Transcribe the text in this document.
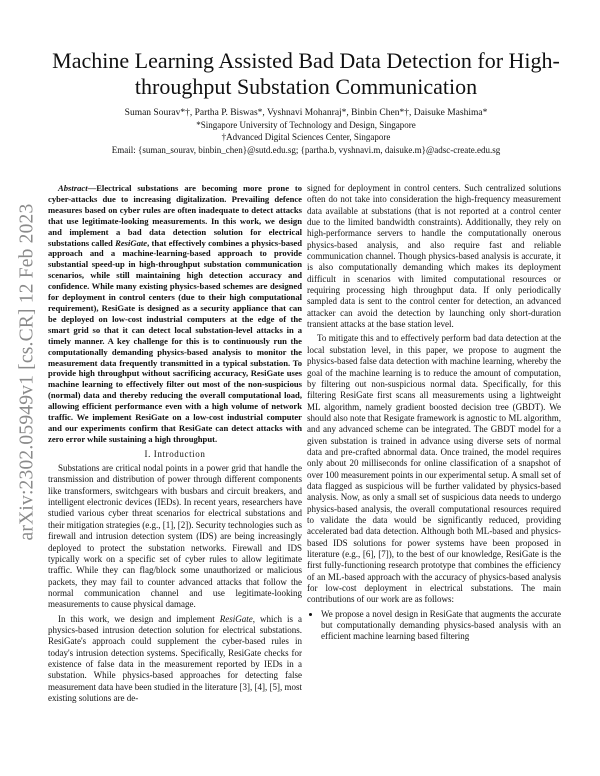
arXiv:2302.05949v1 [cs.CR] 12 Feb 2023
Machine Learning Assisted Bad Data Detection for High-throughput Substation Communication
Suman Sourav*†, Partha P. Biswas*, Vyshnavi Mohanraj*, Binbin Chen*†, Daisuke Mashima*
*Singapore University of Technology and Design, Singapore
†Advanced Digital Sciences Center, Singapore
Email: {suman_sourav, binbin_chen}@sutd.edu.sg; {partha.b, vyshnavi.m, daisuke.m}@adsc-create.edu.sg

Abstract—Electrical substations are becoming more prone to cyber-attacks due to increasing digitalization. Prevailing defence measures based on cyber rules are often inadequate to detect attacks that use legitimate-looking measurements. In this work, we design and implement a bad data detection solution for electrical substations called ResiGate, that effectively combines a physics-based approach and a machine-learning-based approach to provide substantial speed-up in high-throughput substation communication scenarios, while still maintaining high detection accuracy and confidence. While many existing physics-based schemes are designed for deployment in control centers (due to their high computational requirement), ResiGate is designed as a security appliance that can be deployed on low-cost industrial computers at the edge of the smart grid so that it can detect local substation-level attacks in a timely manner. A key challenge for this is to continuously run the computationally demanding physics-based analysis to monitor the measurement data frequently transmitted in a typical substation. To provide high throughput without sacrificing accuracy, ResiGate uses machine learning to effectively filter out most of the non-suspicious (normal) data and thereby reducing the overall computational load, allowing efficient performance even with a high volume of network traffic. We implement ResiGate on a low-cost industrial computer and our experiments confirm that ResiGate can detect attacks with zero error while sustaining a high throughput.

I. Introduction

Substations are critical nodal points in a power grid that handle the transmission and distribution of power through different components like transformers, switchgears with busbars and circuit breakers, and intelligent electronic devices (IEDs). In recent years, researchers have studied various cyber threat scenarios for electrical substations and their mitigation strategies (e.g., [1], [2]). Security technologies such as firewall and intrusion detection system (IDS) are being increasingly deployed to protect the substation networks. Firewall and IDS typically work on a specific set of cyber rules to allow legitimate traffic. While they can flag/block some unauthorized or malicious packets, they may fail to counter advanced attacks that follow the normal communication channel and use legitimate-looking measurements to cause physical damage.

In this work, we design and implement ResiGate, which is a physics-based intrusion detection solution for electrical substations. ResiGate's approach could supplement the cyber-based rules in today's intrusion detection systems. Specifically, ResiGate checks for existence of false data in the measurement reported by IEDs in a substation. While physics-based approaches for detecting false measurement data have been studied in the literature [3], [4], [5], most existing solutions are de-

signed for deployment in control centers. Such centralized solutions often do not take into consideration the high-frequency measurement data available at substations (that is not reported at a control center due to the limited bandwidth constraints). Additionally, they rely on high-performance servers to handle the computationally onerous physics-based analysis, and also require fast and reliable communication channel. Though physics-based analysis is accurate, it is also computationally demanding which makes its deployment difficult in scenarios with limited computational resources or requiring processing high throughput data. If only periodically sampled data is sent to the control center for detection, an advanced attacker can avoid the detection by launching only short-duration transient attacks at the base station level.

To mitigate this and to effectively perform bad data detection at the local substation level, in this paper, we propose to augment the physics-based false data detection with machine learning, whereby the goal of the machine learning is to reduce the amount of computation, by filtering out non-suspicious normal data. Specifically, for this filtering ResiGate first scans all measurements using a lightweight ML algorithm, namely gradient boosted decision tree (GBDT). We should also note that Resigate framework is agnostic to ML algorithm, and any advanced scheme can be integrated. The GBDT model for a given substation is trained in advance using diverse sets of normal data and pre-crafted abnormal data. Once trained, the model requires only about 20 milliseconds for online classification of a snapshot of over 100 measurement points in our experimental setup. A small set of data flagged as suspicious will be further validated by physics-based analysis. Now, as only a small set of suspicious data needs to undergo physics-based analysis, the overall computational resources required to validate the data would be significantly reduced, providing accelerated bad data detection. Although both ML-based and physics-based IDS solutions for power systems have been proposed in literature (e.g., [6], [7]), to the best of our knowledge, ResiGate is the first fully-functioning research prototype that combines the efficiency of an ML-based approach with the accuracy of physics-based analysis for low-cost deployment in electrical substations. The main contributions of our work are as follows:

• We propose a novel design in ResiGate that augments the accurate but computationally demanding physics-based analysis with an efficient machine learning based filtering
